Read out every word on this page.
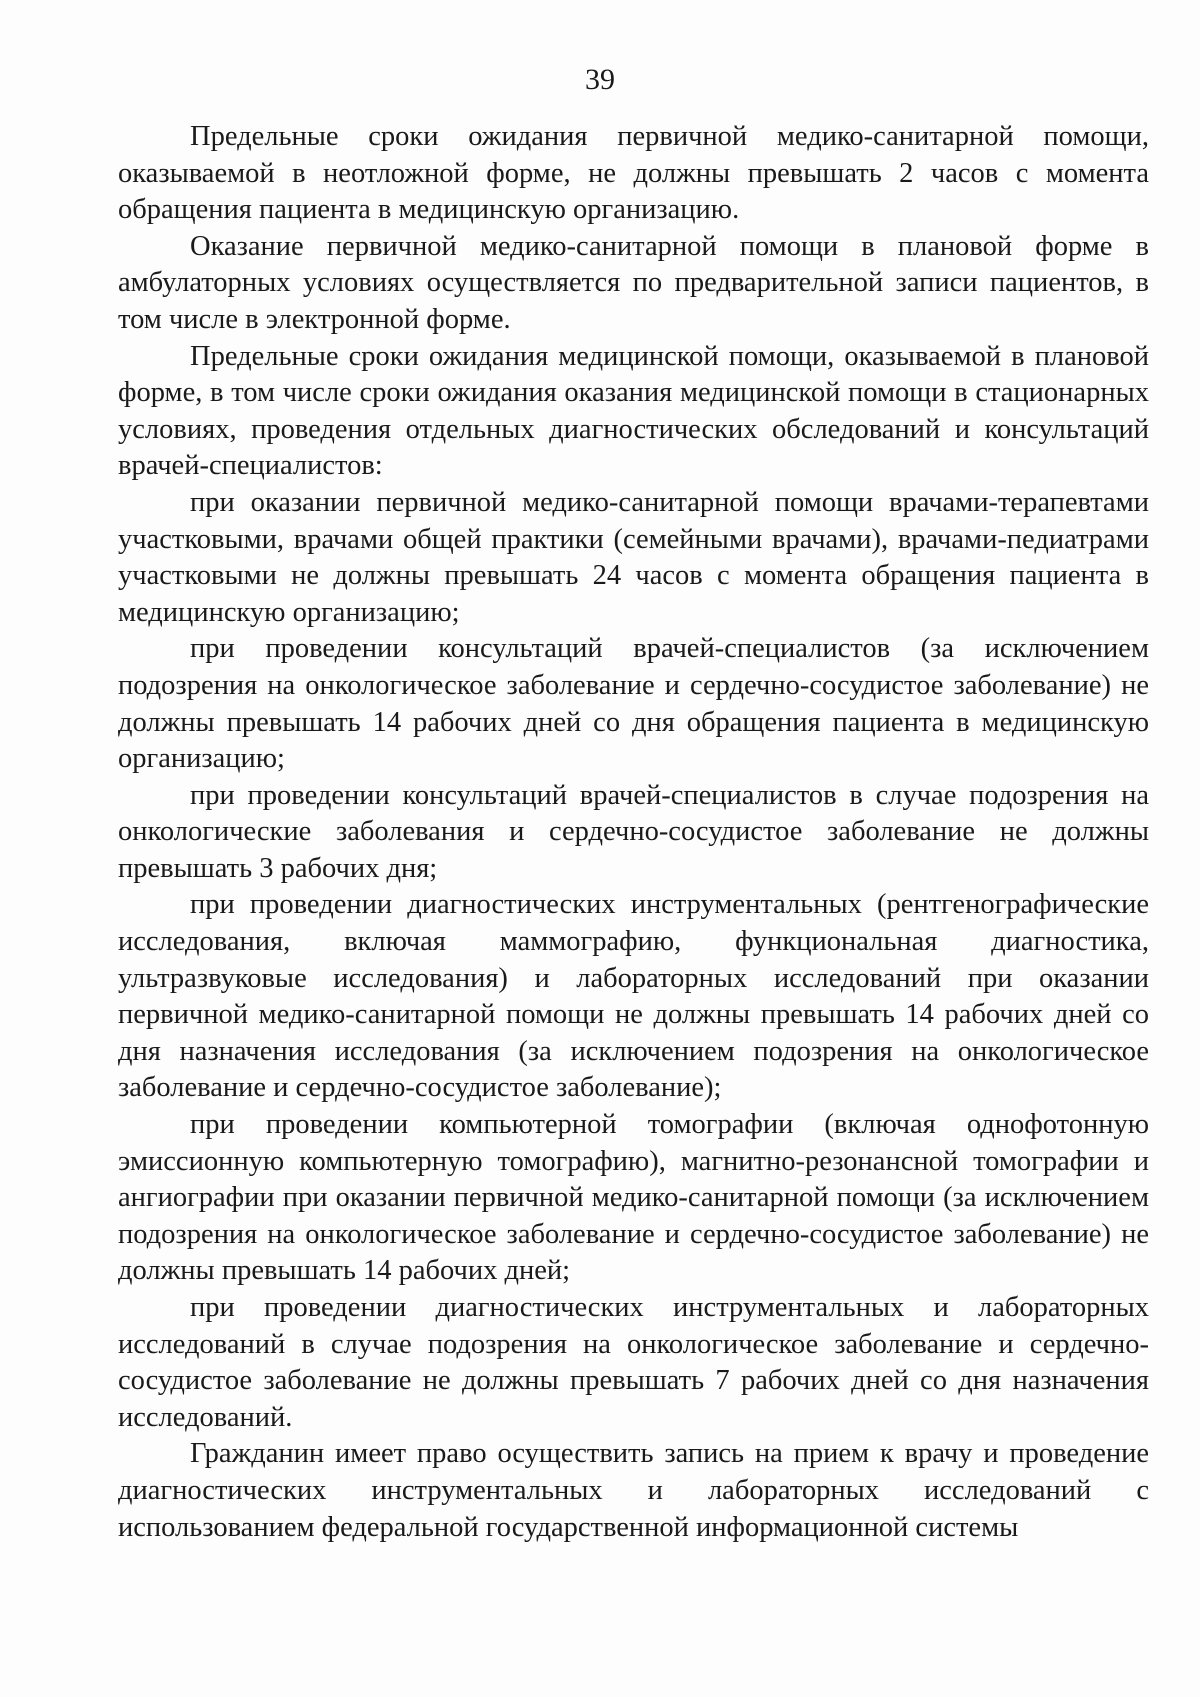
39

Предельные сроки ожидания первичной медико-санитарной помощи, оказываемой в неотложной форме, не должны превышать 2 часов с момента обращения пациента в медицинскую организацию.

Оказание первичной медико-санитарной помощи в плановой форме в амбулаторных условиях осуществляется по предварительной записи пациентов, в том числе в электронной форме.

Предельные сроки ожидания медицинской помощи, оказываемой в плановой форме, в том числе сроки ожидания оказания медицинской помощи в стационарных условиях, проведения отдельных диагностических обследований и консультаций врачей-специалистов:

при оказании первичной медико-санитарной помощи врачами-терапевтами участковыми, врачами общей практики (семейными врачами), врачами-педиатрами участковыми не должны превышать 24 часов с момента обращения пациента в медицинскую организацию;

при проведении консультаций врачей-специалистов (за исключением подозрения на онкологическое заболевание и сердечно-сосудистое заболевание) не должны превышать 14 рабочих дней со дня обращения пациента в медицинскую организацию;

при проведении консультаций врачей-специалистов в случае подозрения на онкологические заболевания и сердечно-сосудистое заболевание не должны превышать 3 рабочих дня;

при проведении диагностических инструментальных (рентгенографические исследования, включая маммографию, функциональная диагностика, ультразвуковые исследования) и лабораторных исследований при оказании первичной медико-санитарной помощи не должны превышать 14 рабочих дней со дня назначения исследования (за исключением подозрения на онкологическое заболевание и сердечно-сосудистое заболевание);

при проведении компьютерной томографии (включая однофотонную эмиссионную компьютерную томографию), магнитно-резонансной томографии и ангиографии при оказании первичной медико-санитарной помощи (за исключением подозрения на онкологическое заболевание и сердечно-сосудистое заболевание) не должны превышать 14 рабочих дней;

при проведении диагностических инструментальных и лабораторных исследований в случае подозрения на онкологическое заболевание и сердечно-сосудистое заболевание не должны превышать 7 рабочих дней со дня назначения исследований.

Гражданин имеет право осуществить запись на прием к врачу и проведение диагностических инструментальных и лабораторных исследований с использованием федеральной государственной информационной системы
